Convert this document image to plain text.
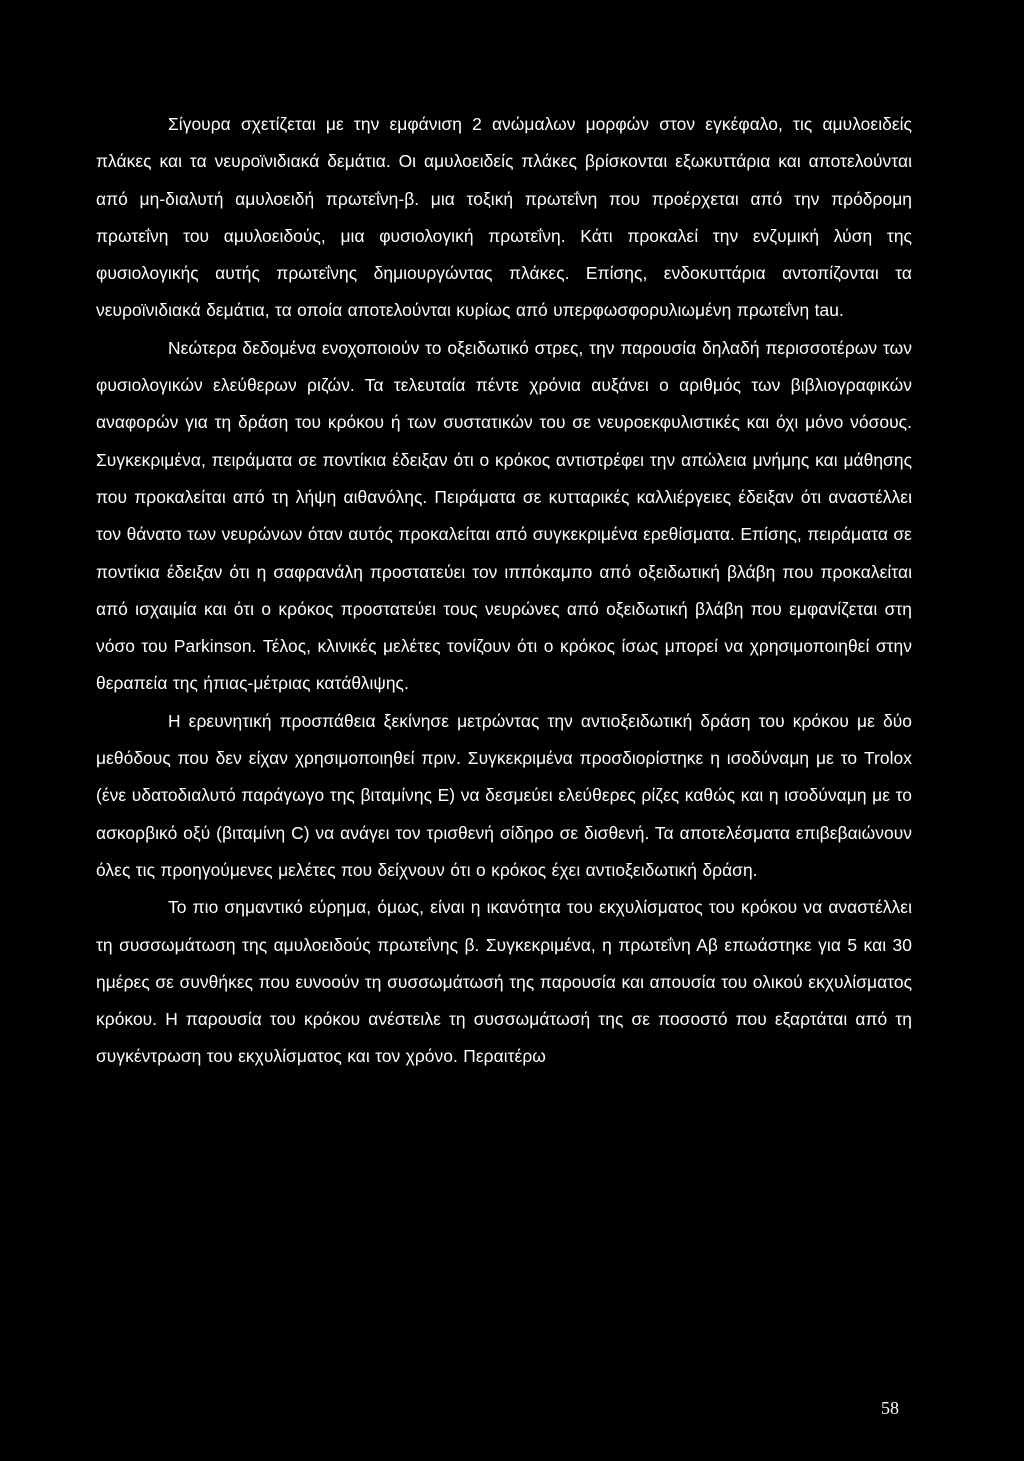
Σίγουρα σχετίζεται με την εμφάνιση 2 ανώμαλων μορφών στον εγκέφαλο, τις αμυλοειδείς πλάκες και τα νευροϊνιδιακά δεμάτια. Οι αμυλοειδείς πλάκες βρίσκονται εξωκυττάρια και αποτελούνται από μη-διαλυτή αμυλοειδή πρωτεΐνη-β. μια τοξική πρωτεΐνη που προέρχεται από την πρόδρομη πρωτεΐνη του αμυλοειδούς, μια φυσιολογική πρωτεΐνη. Κάτι προκαλεί την ενζυμική λύση της φυσιολογικής αυτής πρωτεΐνης δημιουργώντας πλάκες. Επίσης, ενδοκυττάρια αντοπίζονται τα νευροϊνιδιακά δεμάτια, τα οποία αποτελούνται κυρίως από υπερφωσφορυλιωμένη πρωτεΐνη tau.

Νεώτερα δεδομένα ενοχοποιούν το οξειδωτικό στρες, την παρουσία δηλαδή περισσοτέρων των φυσιολογικών ελεύθερων ριζών. Τα τελευταία πέντε χρόνια αυξάνει ο αριθμός των βιβλιογραφικών αναφορών για τη δράση του κρόκου ή των συστατικών του σε νευροεκφυλιστικές και όχι μόνο νόσους. Συγκεκριμένα, πειράματα σε ποντίκια έδειξαν ότι ο κρόκος αντιστρέφει την απώλεια μνήμης και μάθησης που προκαλείται από τη λήψη αιθανόλης. Πειράματα σε κυτταρικές καλλιέργειες έδειξαν ότι αναστέλλει τον θάνατο των νευρώνων όταν αυτός προκαλείται από συγκεκριμένα ερεθίσματα. Επίσης, πειράματα σε ποντίκια έδειξαν ότι η σαφρανάλη προστατεύει τον ιππόκαμπο από οξειδωτική βλάβη που προκαλείται από ισχαιμία και ότι ο κρόκος προστατεύει τους νευρώνες από οξειδωτική βλάβη που εμφανίζεται στη νόσο του Parkinson. Τέλος, κλινικές μελέτες τονίζουν ότι ο κρόκος ίσως μπορεί να χρησιμοποιηθεί στην θεραπεία της ήπιας-μέτριας κατάθλιψης.

Η ερευνητική προσπάθεια ξεκίνησε μετρώντας την αντιοξειδωτική δράση του κρόκου με δύο μεθόδους που δεν είχαν χρησιμοποιηθεί πριν. Συγκεκριμένα προσδιορίστηκε η ισοδύναμη με το Trolox (ένε υδατοδιαλυτό παράγωγο της βιταμίνης Ε) να δεσμεύει ελεύθερες ρίζες καθώς και η ισοδύναμη με το ασκορβικό οξύ (βιταμίνη C) να ανάγει τον τρισθενή σίδηρο σε δισθενή. Τα αποτελέσματα επιβεβαιώνουν όλες τις προηγούμενες μελέτες που δείχνουν ότι ο κρόκος έχει αντιοξειδωτική δράση.

Το πιο σημαντικό εύρημα, όμως, είναι η ικανότητα του εκχυλίσματος του κρόκου να αναστέλλει τη συσσωμάτωση της αμυλοειδούς πρωτεΐνης β. Συγκεκριμένα, η πρωτεΐνη Αβ επωάστηκε για 5 και 30 ημέρες σε συνθήκες που ευνοούν τη συσσωμάτωσή της παρουσία και απουσία του ολικού εκχυλίσματος κρόκου. Η παρουσία του κρόκου ανέστειλε τη συσσωμάτωσή της σε ποσοστό που εξαρτάται από τη συγκέντρωση του εκχυλίσματος και τον χρόνο. Περαιτέρω

58
